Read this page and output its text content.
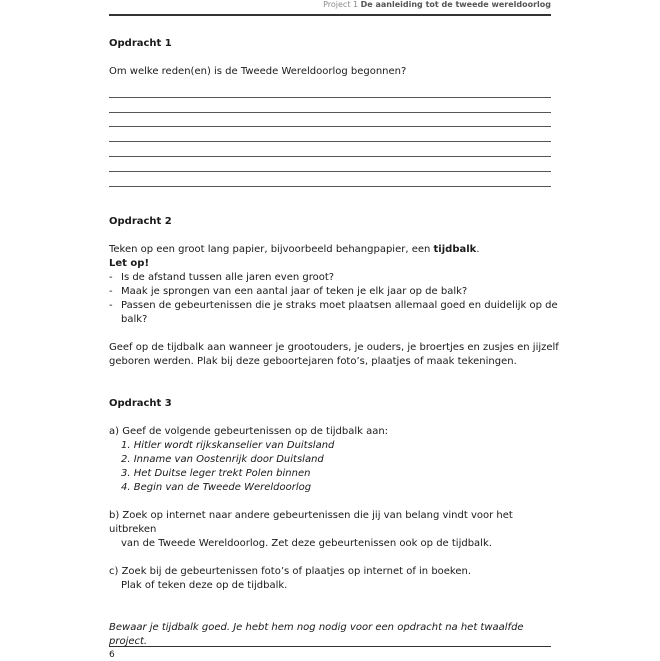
Project 1 De aanleiding tot de tweede wereldoorlog
Opdracht 1

Om welke reden(en) is de Tweede Wereldoorlog begonnen?

Opdracht 2

Teken op een groot lang papier, bijvoorbeeld behangpapier, een tijdbalk.

Let op!

- Is de afstand tussen alle jaren even groot?
- Maak je sprongen van een aantal jaar of teken je elk jaar op de balk?
- Passen de gebeurtenissen die je straks moet plaatsen allemaal goed en duidelijk op de balk?

Geef op de tijdbalk aan wanneer je grootouders, je ouders, je broertjes en zusjes en jijzelf

geboren werden. Plak bij deze geboortejaren foto’s, plaatjes of maak tekeningen.

Opdracht 3

a) Geef de volgende gebeurtenissen op de tijdbalk aan:

1. Hitler wordt rijkskanselier van Duitsland
2. Inname van Oostenrijk door Duitsland
3. Het Duitse leger trekt Polen binnen
4. Begin van de Tweede Wereldoorlog

b) Zoek op internet naar andere gebeurtenissen die jij van belang vindt voor het uitbreken

van de Tweede Wereldoorlog. Zet deze gebeurtenissen ook op de tijdbalk.

c) Zoek bij de gebeurtenissen foto’s of plaatjes op internet of in boeken.

Plak of teken deze op de tijdbalk.

Bewaar je tijdbalk goed. Je hebt hem nog nodig voor een opdracht na het twaalfde project.

6
